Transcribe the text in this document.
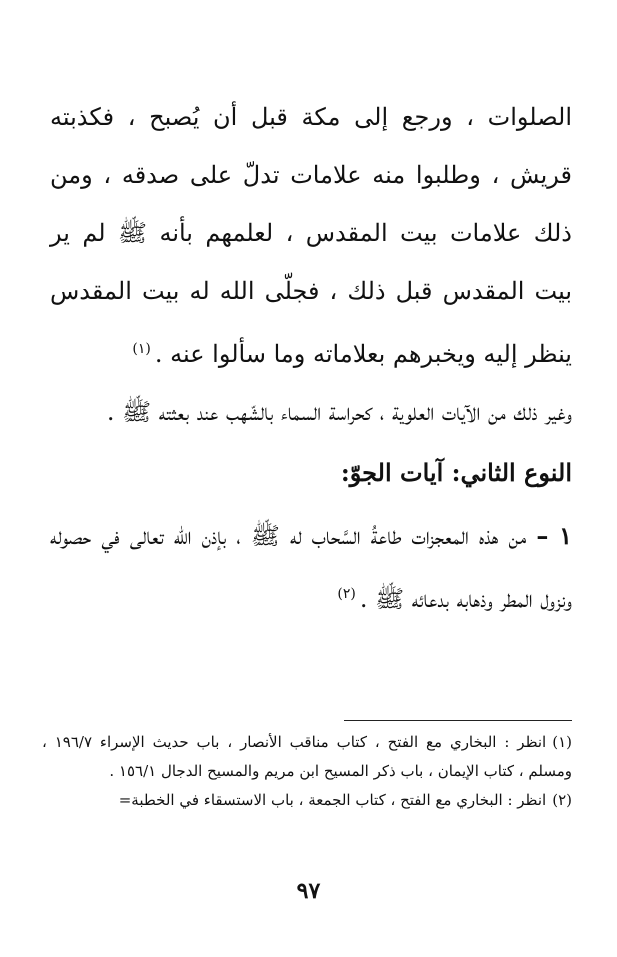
الصلوات ، ورجع إلى مكة قبل أن يُصبح ، فكذبته قريش ، وطلبوا منه علامات تدلّ على صدقه ، ومن ذلك علامات بيت المقدس ، لعلمهم بأنه ﷺ لم ير بيت المقدس قبل ذلك ، فجلّى الله له بيت المقدس ينظر إليه ويخبرهم بعلاماته وما سألوا عنه .$^{(١)}$

وغير ذلك من الآيات العلوية ، كحراسة السماء بالشّهب عند بعثته ﷺ .

النوع الثاني: آيات الجوّ:

١ – من هذه المعجزات طاعةُ السَّحاب له ﷺ ، بإذن الله تعالى في حصوله ونزول المطر وذهابه بدعائه ﷺ .$^{(٢)}$

(١)انظر : البخاري مع الفتح ، كتاب مناقب الأنصار ، باب حديث الإسراء ١٩٦/٧ ، ومسلم ، كتاب الإيمان ، باب ذكر المسيح ابن مريم والمسيح الدجال ١٥٦/١ .

(٢)انظر : البخاري مع الفتح ، كتاب الجمعة ، باب الاستسقاء في الخطبة=

٩٧
